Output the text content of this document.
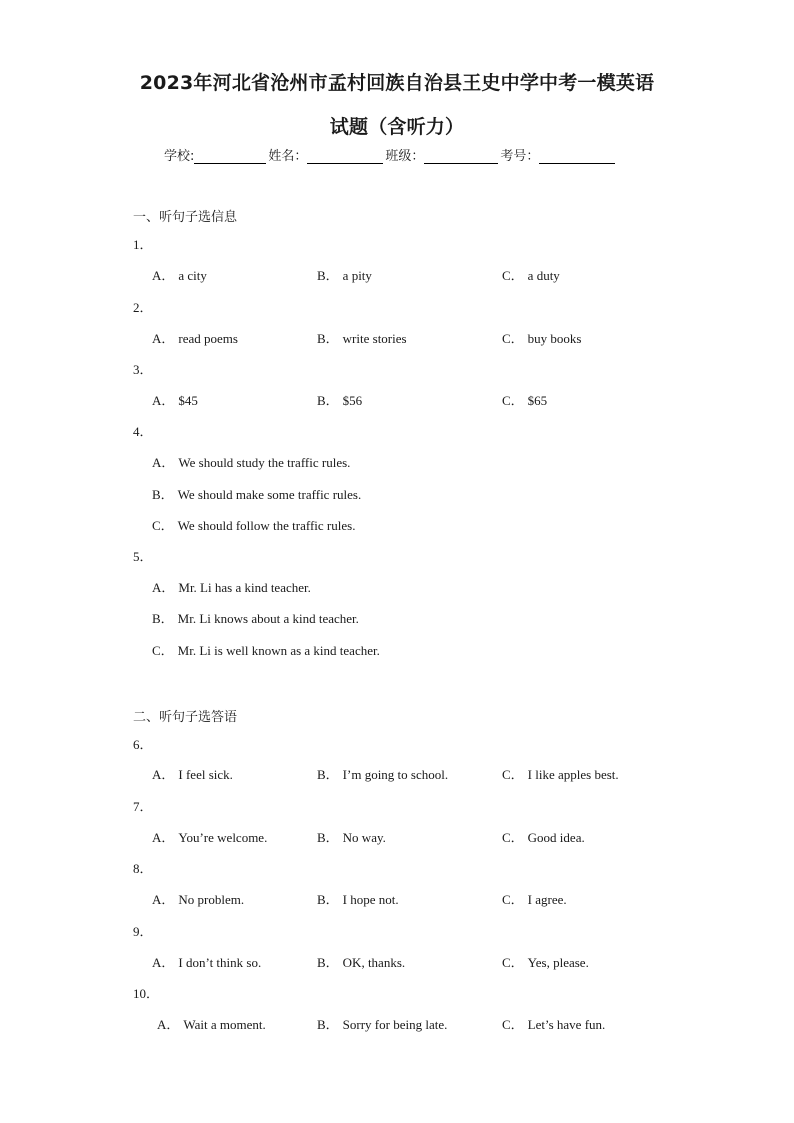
2023年河北省沧州市孟村回族自治县王史中学中考一模英语
试题（含听力）
学校:	姓名：	班级：	考号：
一、听句子选信息
1．
A． a city	B． a pity	C． a duty
2．
A． read poems	B． write stories	C． buy books
3．
A． $45	B． $56	C． $65
4．
A． We should study the traffic rules.
B． We should make some traffic rules.
C． We should follow the traffic rules.
5．
A． Mr. Li has a kind teacher.
B． Mr. Li knows about a kind teacher.
C． Mr. Li is well known as a kind teacher.
二、听句子选答语
6．
A． I feel sick.	B． I’m going to school.	C． I like apples best.
7．
A． You’re welcome.	B． No way.	C． Good idea.
8．
A． No problem.	B． I hope not.	C． I agree.
9．
A． I don’t think so.	B． OK, thanks.	C． Yes, please.
10．
A． Wait a moment.	B． Sorry for being late.	C． Let’s have fun.
